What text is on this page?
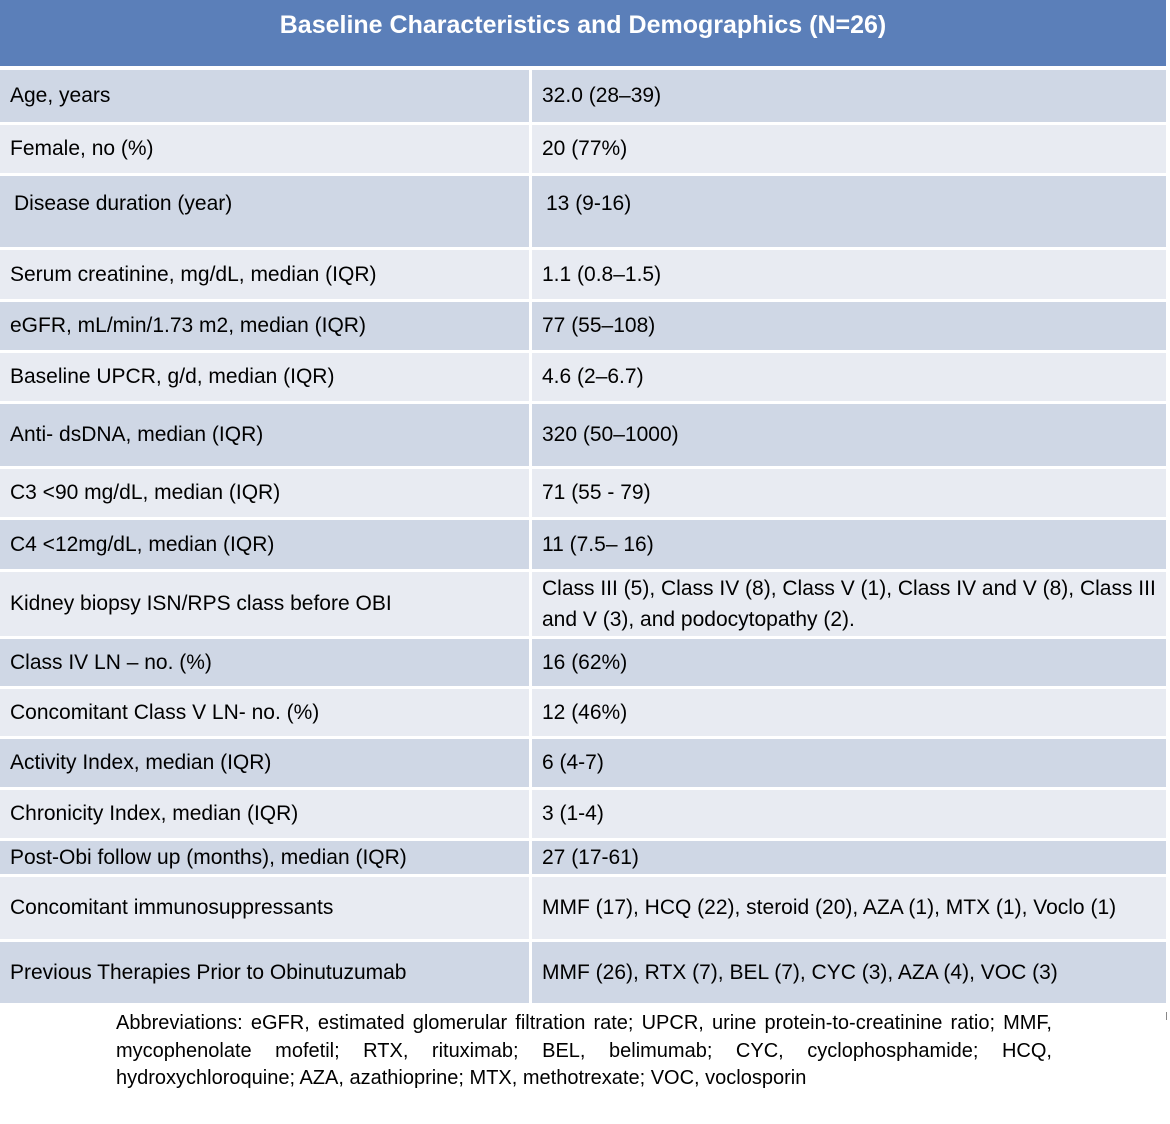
Baseline Characteristics and Demographics (N=26)
Age, years	32.0 (28–39)
Female, no (%)	20 (77%)
Disease duration (year)	13 (9-16)
Serum creatinine, mg/dL, median (IQR)	1.1 (0.8–1.5)
eGFR, mL/min/1.73 m2, median (IQR)	77 (55–108)
Baseline UPCR, g/d, median (IQR)	4.6 (2–6.7)
Anti- dsDNA, median (IQR)	320 (50–1000)
C3 <90 mg/dL, median (IQR)	71 (55 - 79)
C4 <12mg/dL, median (IQR)	11 (7.5– 16)
Kidney biopsy ISN/RPS class before OBI	Class III (5), Class IV (8), Class V (1), Class IV and V (8), Class III and V (3), and podocytopathy (2).
Class IV LN – no. (%)	16 (62%)
Concomitant Class V LN- no. (%)	12 (46%)
Activity Index, median (IQR)	6 (4-7)
Chronicity Index, median (IQR)	3 (1-4)
Post-Obi follow up (months), median (IQR)	27 (17-61)
Concomitant immunosuppressants	MMF (17), HCQ (22), steroid (20), AZA (1), MTX (1), Voclo (1)
Previous Therapies Prior to Obinutuzumab	MMF (26), RTX (7), BEL (7), CYC (3), AZA (4), VOC (3)
Abbreviations: eGFR, estimated glomerular filtration rate; UPCR, urine protein-to-creatinine ratio; MMF, mycophenolate mofetil; RTX, rituximab; BEL, belimumab; CYC, cyclophosphamide; HCQ, hydroxychloroquine; AZA, azathioprine; MTX, methotrexate; VOC, voclosporin
